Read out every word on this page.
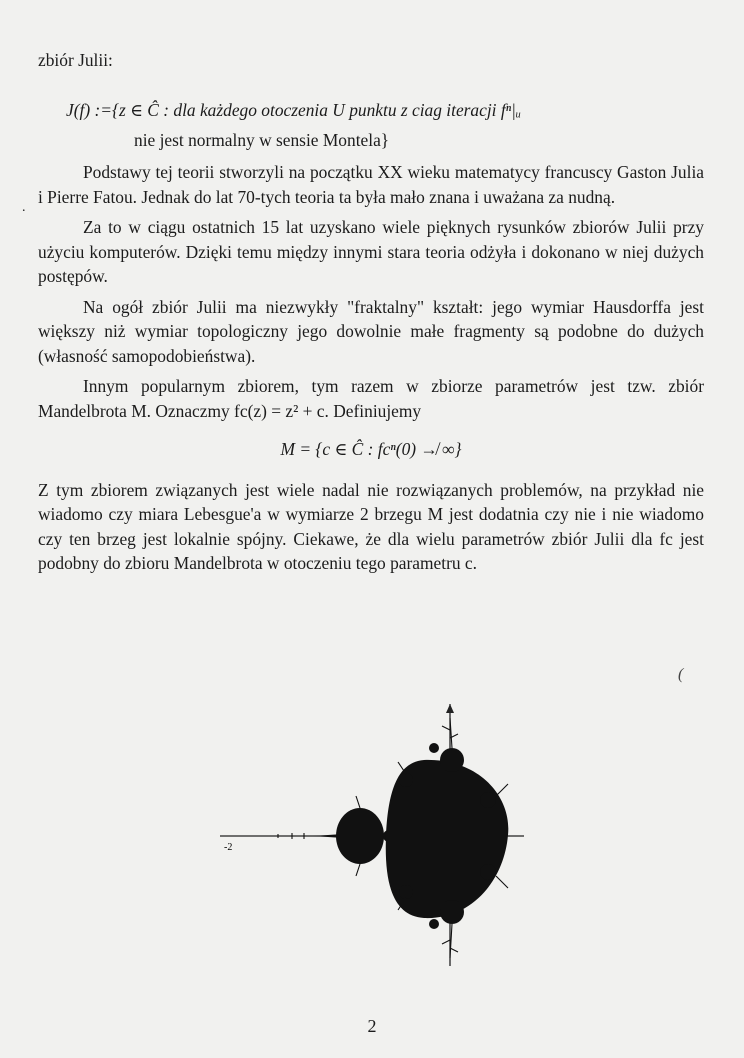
zbiór Julii:
J(f) :={z ∈ Ĉ : dla każdego otoczenia U punktu z ciag iteracji fⁿ|ᵤ
nie jest normalny w sensie Montela}

Podstawy tej teorii stworzyli na początku XX wieku matematycy francuscy Gaston Julia i Pierre Fatou. Jednak do lat 70-tych teoria ta była mało znana i uważana za nudną.

Za to w ciągu ostatnich 15 lat uzyskano wiele pięknych rysunków zbiorów Julii przy użyciu komputerów. Dzięki temu między innymi stara teoria odżyła i dokonano w niej dużych postępów.

Na ogół zbiór Julii ma niezwykły "fraktalny" kształt: jego wymiar Hausdorffa jest większy niż wymiar topologiczny jego dowolnie małe fragmenty są podobne do dużych (własność samopodobieństwa).

Innym popularnym zbiorem, tym razem w zbiorze parametrów jest tzw. zbiór Mandelbrota M. Oznaczmy fc(z) = z² + c. Definiujemy

M = {c ∈ Ĉ : fcⁿ(0) ↛ ∞}

Z tym zbiorem związanych jest wiele nadal nie rozwiązanych problemów, na przykład nie wiadomo czy miara Lebesgue'a w wymiarze 2 brzegu M jest dodatnia czy nie i nie wiadomo czy ten brzeg jest lokalnie spójny. Ciekawe, że dla wielu parametrów zbiór Julii dla fc jest podobny do zbioru Mandelbrota w otoczeniu tego parametru c.

.
(
-2
2
